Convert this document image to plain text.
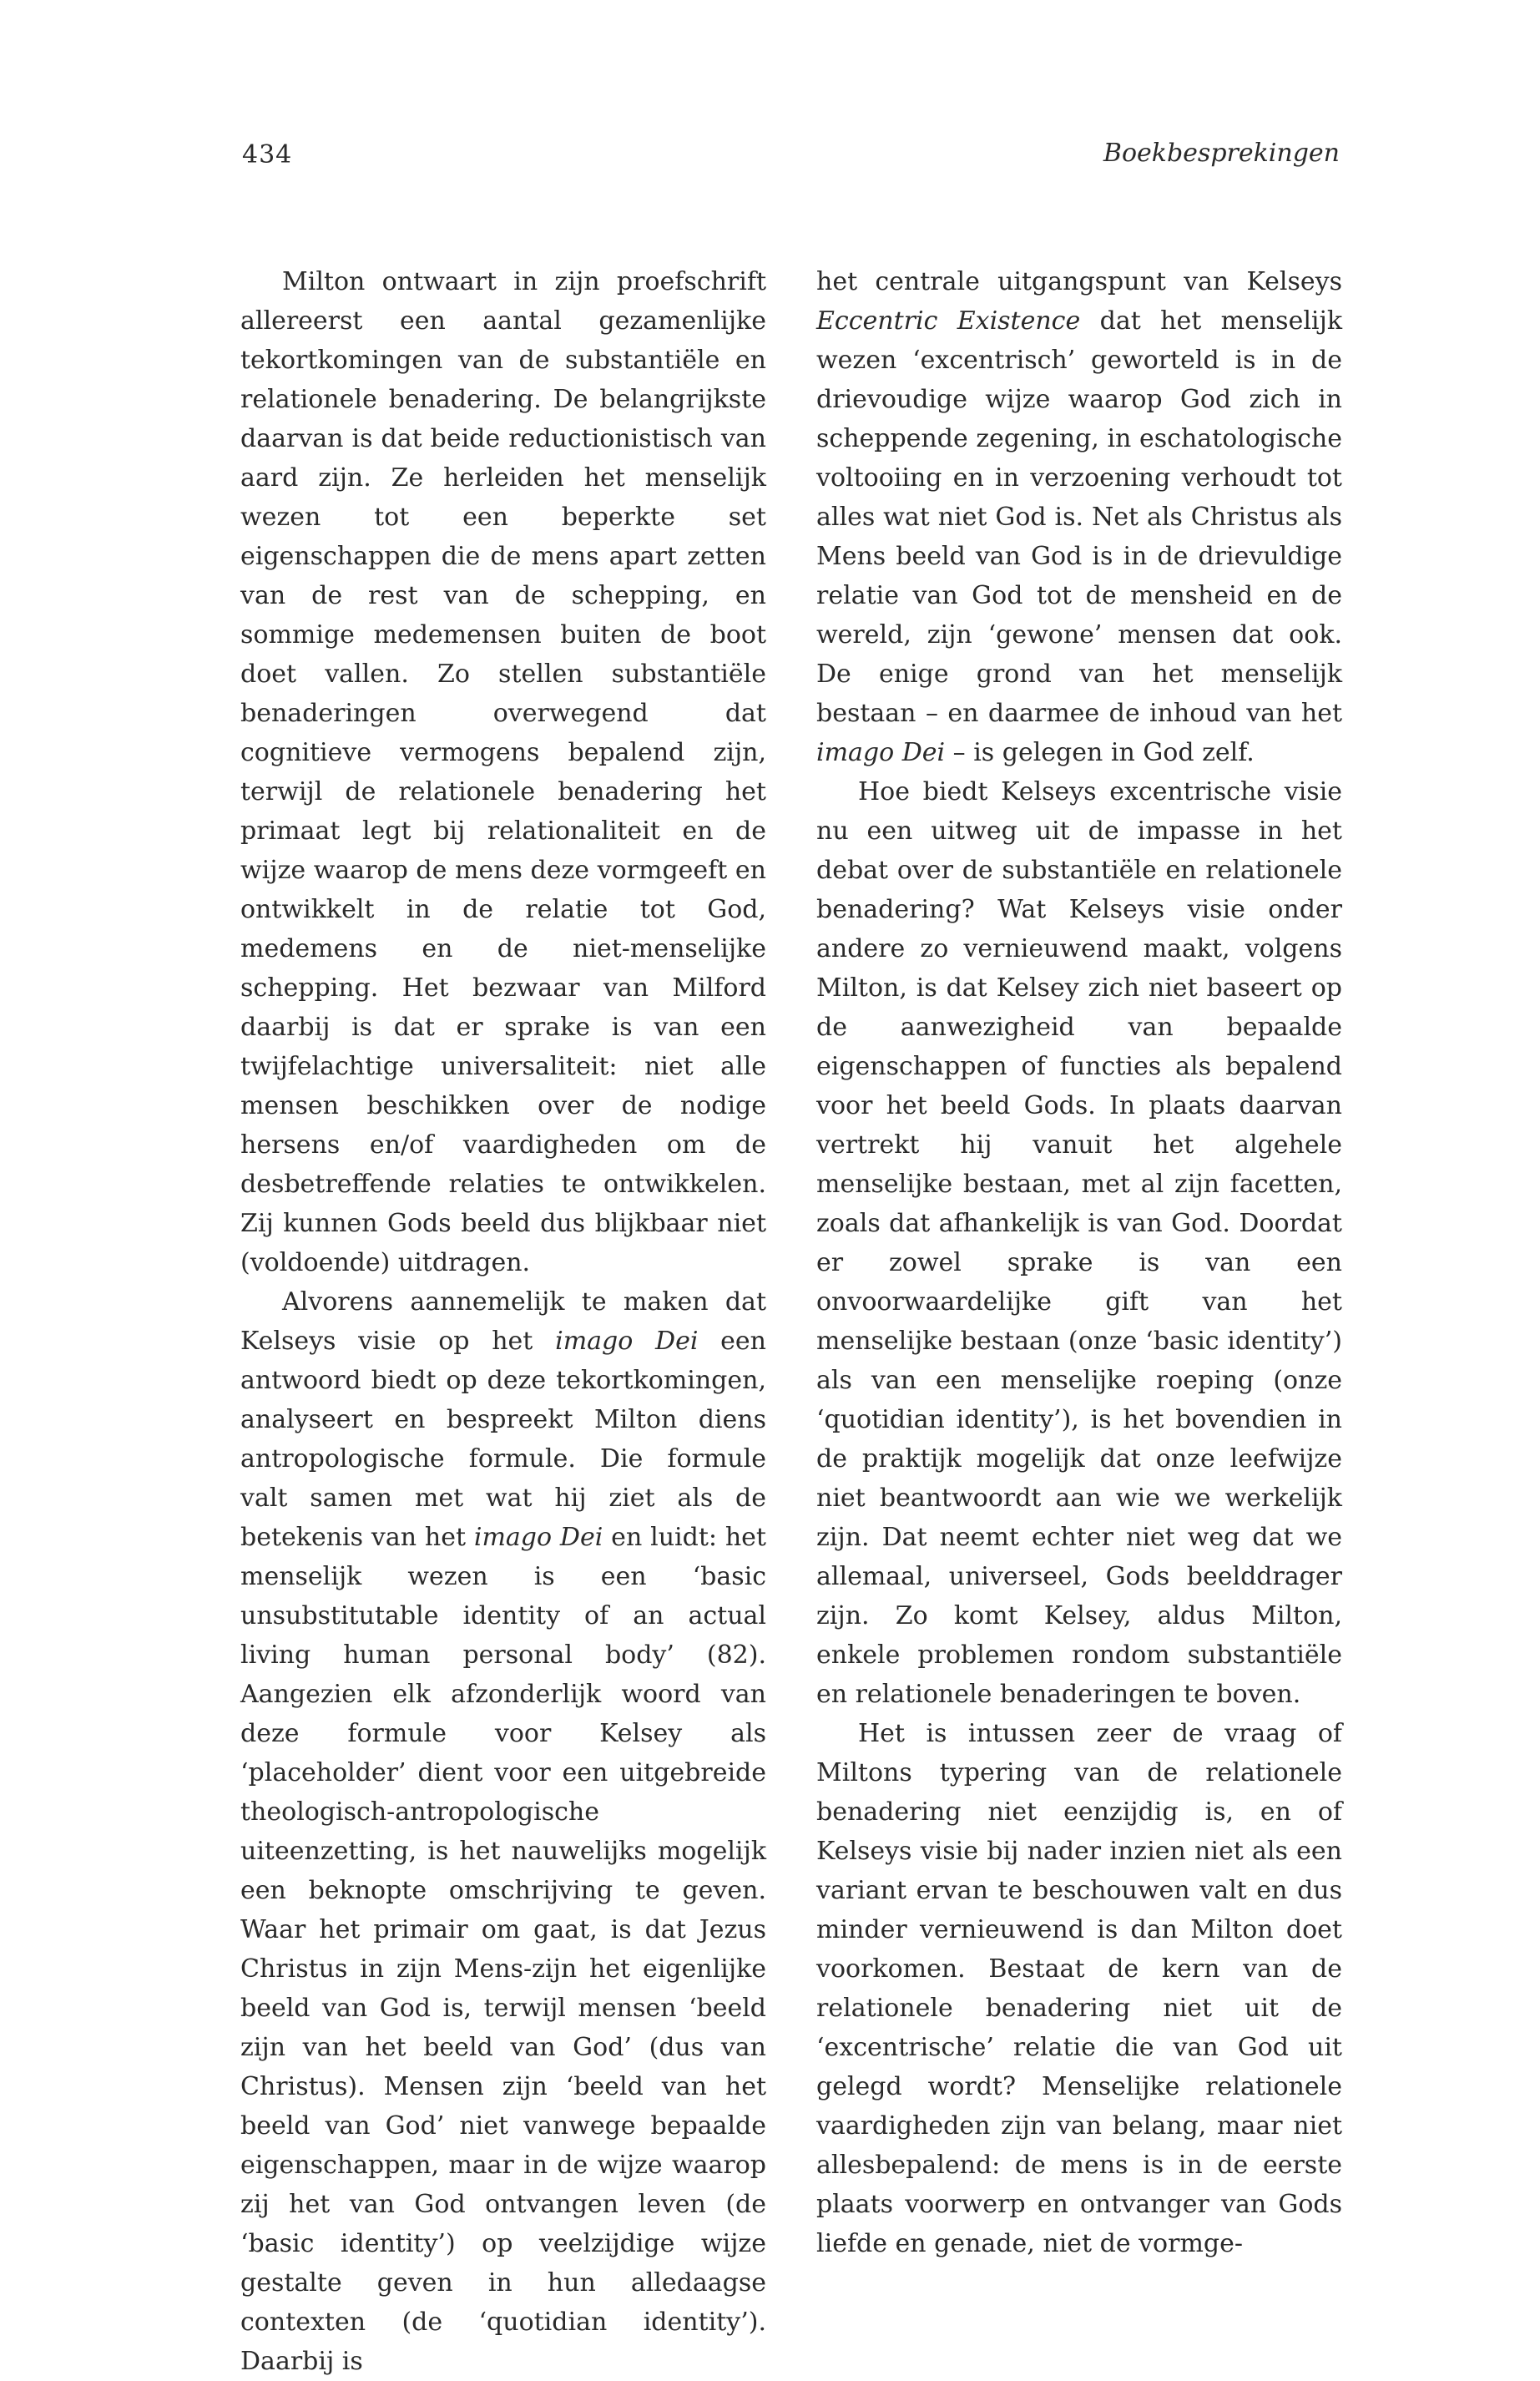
434	Boekbesprekingen

Milton ontwaart in zijn proefschrift allereerst een aantal gezamenlijke tekortkomingen van de substantiële en relationele benadering. De belangrijkste daarvan is dat beide reductionistisch van aard zijn. Ze herleiden het menselijk wezen tot een beperkte set eigenschappen die de mens apart zetten van de rest van de schepping, en sommige medemensen buiten de boot doet vallen. Zo stellen substantiële benaderingen overwegend dat cognitieve vermogens bepalend zijn, terwijl de relationele benadering het primaat legt bij relationaliteit en de wijze waarop de mens deze vormgeeft en ontwikkelt in de relatie tot God, medemens en de niet-menselijke schepping. Het bezwaar van Milford daarbij is dat er sprake is van een twijfelachtige universaliteit: niet alle mensen beschikken over de nodige hersens en/of vaardigheden om de desbetreffende relaties te ontwikkelen. Zij kunnen Gods beeld dus blijkbaar niet (voldoende) uitdragen.

Alvorens aannemelijk te maken dat Kelseys visie op het imago Dei een antwoord biedt op deze tekortkomingen, analyseert en bespreekt Milton diens antropologische formule. Die formule valt samen met wat hij ziet als de betekenis van het imago Dei en luidt: het menselijk wezen is een ‘basic unsubstitutable identity of an actual living human personal body’ (82). Aangezien elk afzonderlijk woord van deze formule voor Kelsey als ‘placeholder’ dient voor een uitgebreide theologisch-antropologische uiteenzetting, is het nauwelijks mogelijk een beknopte omschrijving te geven. Waar het primair om gaat, is dat Jezus Christus in zijn Mens-zijn het eigenlijke beeld van God is, terwijl mensen ‘beeld zijn van het beeld van God’ (dus van Christus). Mensen zijn ‘beeld van het beeld van God’ niet vanwege bepaalde eigenschappen, maar in de wijze waarop zij het van God ontvangen leven (de ‘basic identity’) op veelzijdige wijze gestalte geven in hun alledaagse contexten (de ‘quotidian identity’). Daarbij is

het centrale uitgangspunt van Kelseys Eccentric Existence dat het menselijk wezen ‘excentrisch’ geworteld is in de drievoudige wijze waarop God zich in scheppende zegening, in eschatologische voltooiing en in verzoening verhoudt tot alles wat niet God is. Net als Christus als Mens beeld van God is in de drievuldige relatie van God tot de mensheid en de wereld, zijn ‘gewone’ mensen dat ook. De enige grond van het menselijk bestaan – en daarmee de inhoud van het imago Dei – is gelegen in God zelf.

Hoe biedt Kelseys excentrische visie nu een uitweg uit de impasse in het debat over de substantiële en relationele benadering? Wat Kelseys visie onder andere zo vernieuwend maakt, volgens Milton, is dat Kelsey zich niet baseert op de aanwezigheid van bepaalde eigenschappen of functies als bepalend voor het beeld Gods. In plaats daarvan vertrekt hij vanuit het algehele menselijke bestaan, met al zijn facetten, zoals dat afhankelijk is van God. Doordat er zowel sprake is van een onvoorwaardelijke gift van het menselijke bestaan (onze ‘basic identity’) als van een menselijke roeping (onze ‘quotidian identity’), is het bovendien in de praktijk mogelijk dat onze leefwijze niet beantwoordt aan wie we werkelijk zijn. Dat neemt echter niet weg dat we allemaal, universeel, Gods beelddrager zijn. Zo komt Kelsey, aldus Milton, enkele problemen rondom substantiële en relationele benaderingen te boven.

Het is intussen zeer de vraag of Miltons typering van de relationele benadering niet eenzijdig is, en of Kelseys visie bij nader inzien niet als een variant ervan te beschouwen valt en dus minder vernieuwend is dan Milton doet voorkomen. Bestaat de kern van de relationele benadering niet uit de ‘excentrische’ relatie die van God uit gelegd wordt? Menselijke relationele vaardigheden zijn van belang, maar niet allesbepalend: de mens is in de eerste plaats voorwerp en ontvanger van Gods liefde en genade, niet de vormge-
